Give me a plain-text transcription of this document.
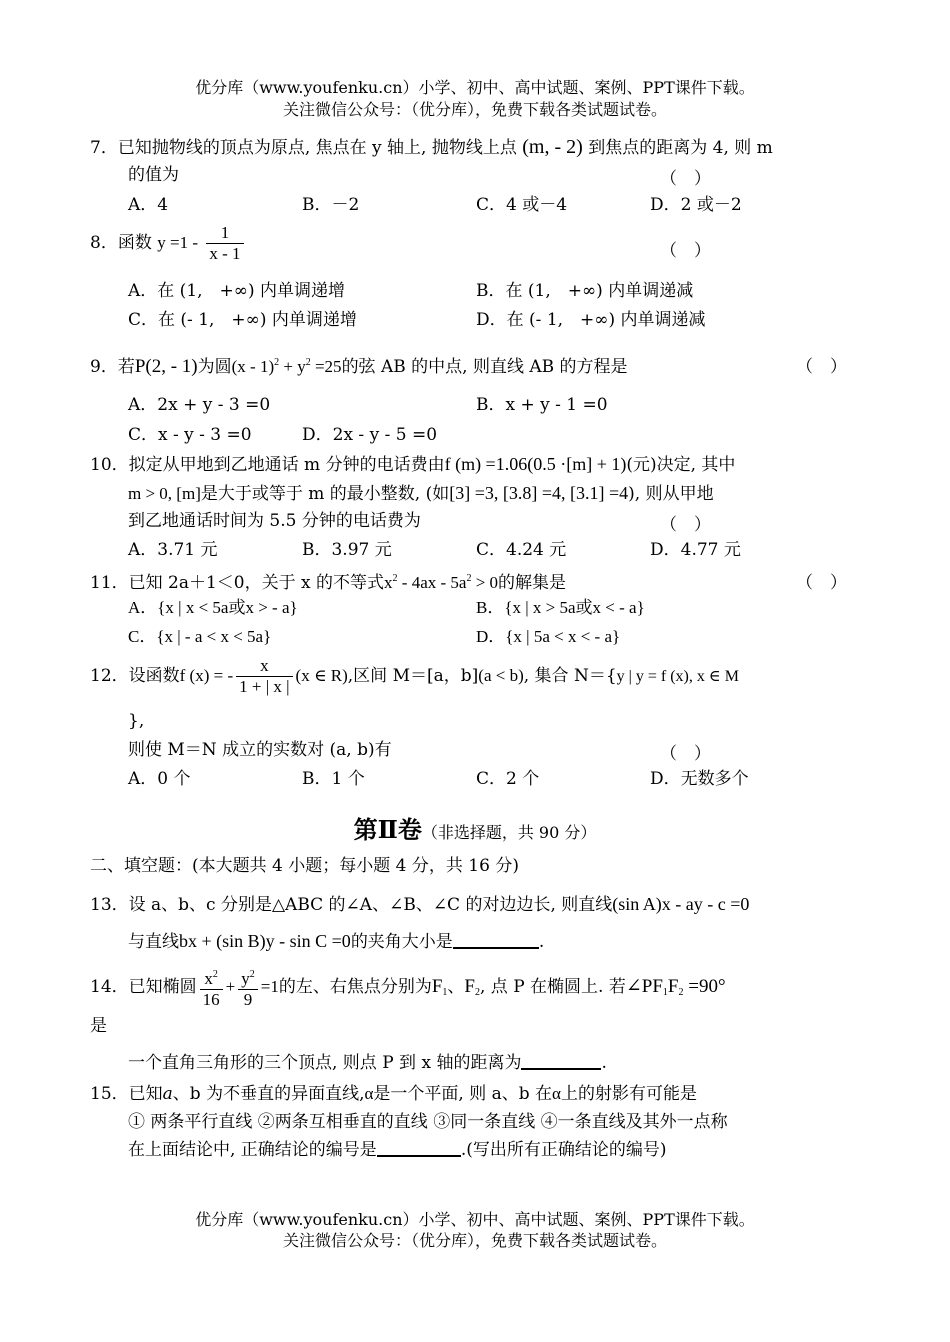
优分库（www.youfenku.cn）小学、初中、高中试题、案例、PPT课件下载。
关注微信公众号：（优分库），免费下载各类试题试卷。
7．已知抛物线的顶点为原点, 焦点在 y 轴上, 抛物线上点 (m, - 2) 到焦点的距离为 4, 则 m
的值为	（　）
A．4	B．－2	C．4 或－4	D．2 或－2
8．函数 $y =1 - \frac{1}{x - 1}$	（　）
A．在 (1,　+∞) 内单调递增	B．在 (1,　+∞) 内单调递减
C．在 (- 1,　+∞) 内单调递增	D．在 (- 1,　+∞) 内单调递减
9．若P(2, - 1)为圆$(x - 1)^2 + y^2 =25$的弦 AB 的中点, 则直线 AB 的方程是	（　）
A．2x + y - 3 =0	B．x + y - 1 =0
C．x - y - 3 =0	D．2x - y - 5 =0
10．拟定从甲地到乙地通话 m 分钟的电话费由f (m) =1.06(0.5 ·[m] + 1)(元)决定, 其中
m > 0, [m]是大于或等于 m 的最小整数, (如[3] =3, [3.8] =4, [3.1] =4), 则从甲地
到乙地通话时间为 5.5 分钟的电话费为	（　）
A．3.71 元	B．3.97 元	C．4.24 元	D．4.77 元
11．已知 2a＋1＜0，关于 x 的不等式$x^2 - 4ax - 5a^2 > 0$的解集是	（　）
A．{x | x < 5a或x > - a}	B．{x | x > 5a或x < - a}
C．{x | - a < x < 5a}	D．{x | 5a < x < - a}
12．设函数f (x) = - $\frac{x}{1 + | x |} (x$ ∈ R),区间 M＝[a，b](a < b), 集合 N＝{y | y = f (x), x ∈ M
},
则使 M＝N 成立的实数对 (a, b)有	（　）
A．0 个	B．1 个	C．2 个	D．无数多个
第Ⅱ卷（非选择题，共 90 分）
二、填空题：(本大题共 4 小题；每小题 4 分，共 16 分)
13．设 a、b、c 分别是△ABC 的∠A、∠B、∠C 的对边边长, 则直线(sin A)x - ay - c =0
与直线bx + (sin B)y - sin C =0的夹角大小是	.
14．已知椭圆 $\frac{x^2}{16} + \frac{y^2}{9} =1$的左、右焦点分别为$F_1$、$F_2$, 点 P 在椭圆上. 若$\angle PF_1F_2 =90^\circ$
是
一个直角三角形的三个顶点, 则点 P 到 x 轴的距离为	.
15．已知a、b 为不垂直的异面直线,α是一个平面, 则 a、b 在α上的射影有可能是
① 两条平行直线 ②两条互相垂直的直线 ③同一条直线 ④一条直线及其外一点称
在上面结论中, 正确结论的编号是	.(写出所有正确结论的编号)
优分库（www.youfenku.cn）小学、初中、高中试题、案例、PPT课件下载。
关注微信公众号：（优分库），免费下载各类试题试卷。
